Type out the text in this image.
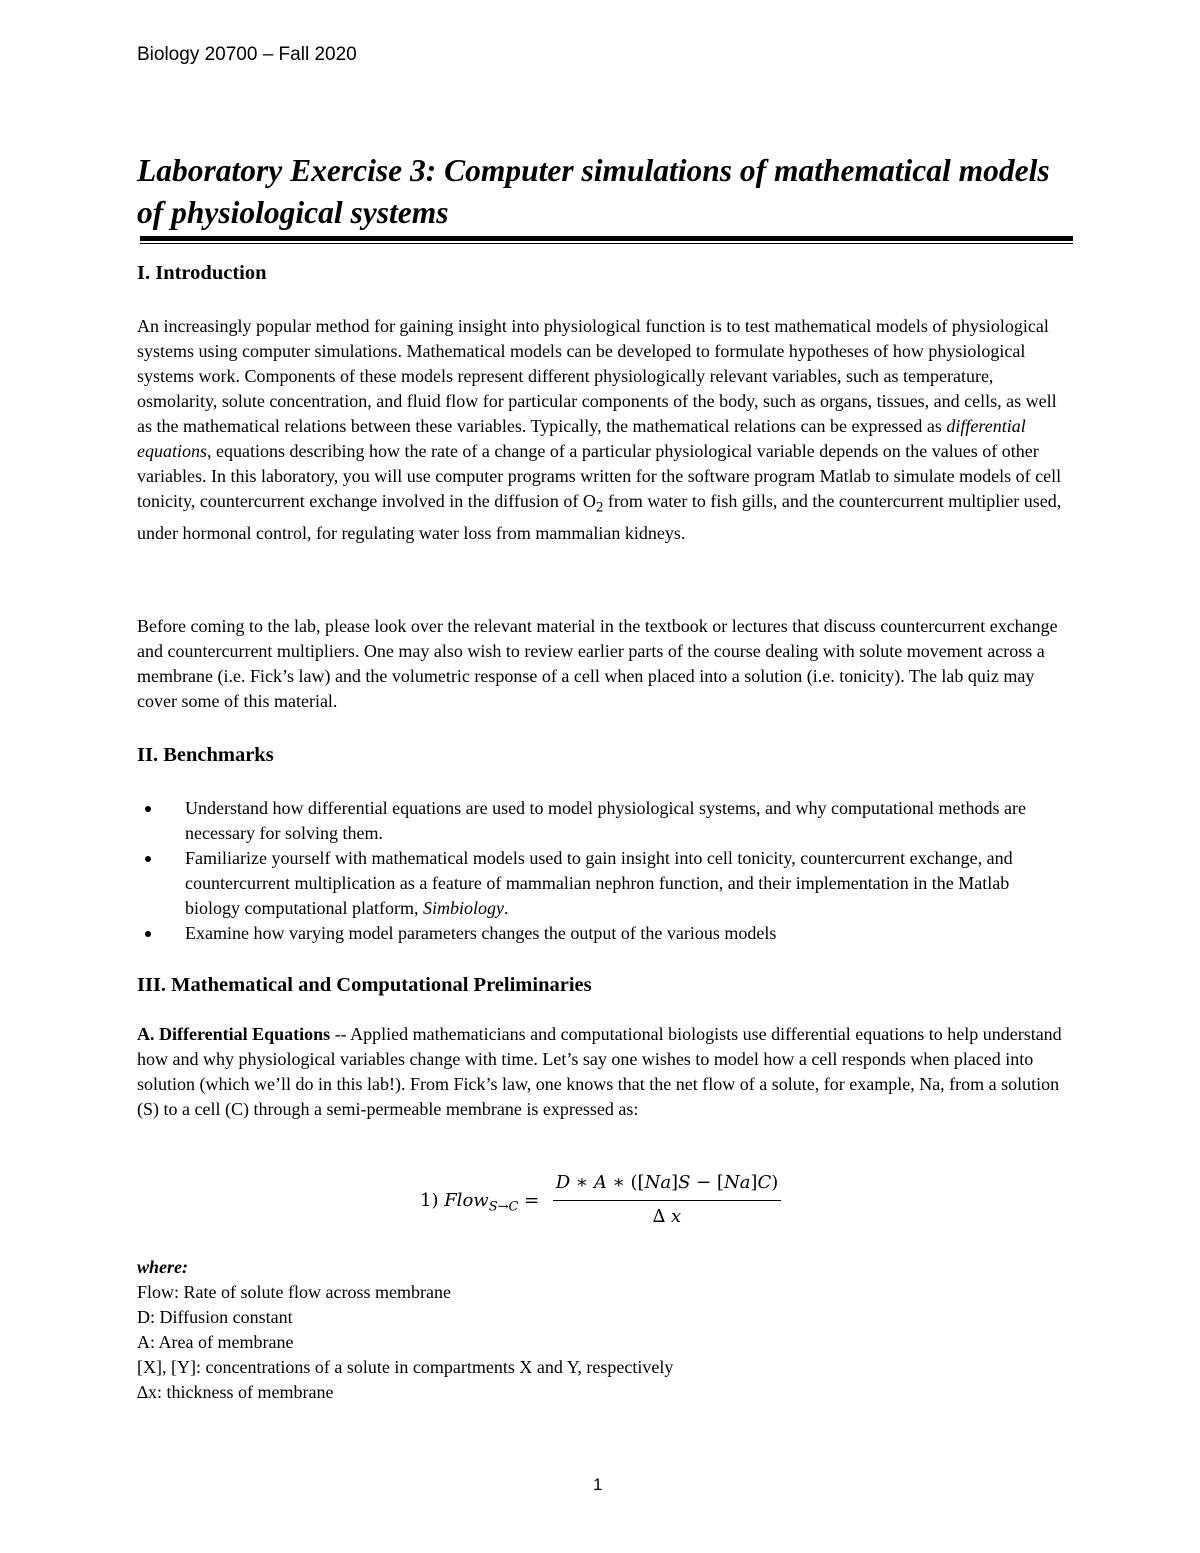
Biology 20700 – Fall 2020
Laboratory Exercise 3: Computer simulations of mathematical models of physiological systems
I. Introduction

An increasingly popular method for gaining insight into physiological function is to test mathematical models of physiological systems using computer simulations. Mathematical models can be developed to formulate hypotheses of how physiological systems work. Components of these models represent different physiologically relevant variables, such as temperature, osmolarity, solute concentration, and fluid flow for particular components of the body, such as organs, tissues, and cells, as well as the mathematical relations between these variables. Typically, the mathematical relations can be expressed as differential equations, equations describing how the rate of a change of a particular physiological variable depends on the values of other variables. In this laboratory, you will use computer programs written for the software program Matlab to simulate models of cell tonicity, countercurrent exchange involved in the diffusion of $O_2$ from water to fish gills, and the countercurrent multiplier used, under hormonal control, for regulating water loss from mammalian kidneys.

Before coming to the lab, please look over the relevant material in the textbook or lectures that discuss countercurrent exchange and countercurrent multipliers. One may also wish to review earlier parts of the course dealing with solute movement across a membrane (i.e. Fick’s law) and the volumetric response of a cell when placed into a solution (i.e. tonicity). The lab quiz may cover some of this material.

II. Benchmarks
Understand how differential equations are used to model physiological systems, and why computational methods are necessary for solving them.
Familiarize yourself with mathematical models used to gain insight into cell tonicity, countercurrent exchange, and countercurrent multiplication as a feature of mammalian nephron function, and their implementation in the Matlab biology computational platform, Simbiology.
Examine how varying model parameters changes the output of the various models
III. Mathematical and Computational Preliminaries

A. Differential Equations -- Applied mathematicians and computational biologists use differential equations to help understand how and why physiological variables change with time. Let’s say one wishes to model how a cell responds when placed into solution (which we’ll do in this lab!). From Fick’s law, one knows that the net flow of a solute, for example, Na, from a solution (S) to a cell (C) through a semi-permeable membrane is expressed as:

1) 𝐹𝑙𝑜𝑤$_{𝑆\to 𝐶}$ =
𝐷 ∗ 𝐴 ∗ ([𝑁𝑎]𝑆 − [𝑁𝑎]𝐶)
∆ 𝑥
where:
Flow: Rate of solute flow across membrane
D: Diffusion constant
A: Area of membrane
[X], [Y]: concentrations of a solute in compartments X and Y, respectively
∆x: thickness of membrane
1
